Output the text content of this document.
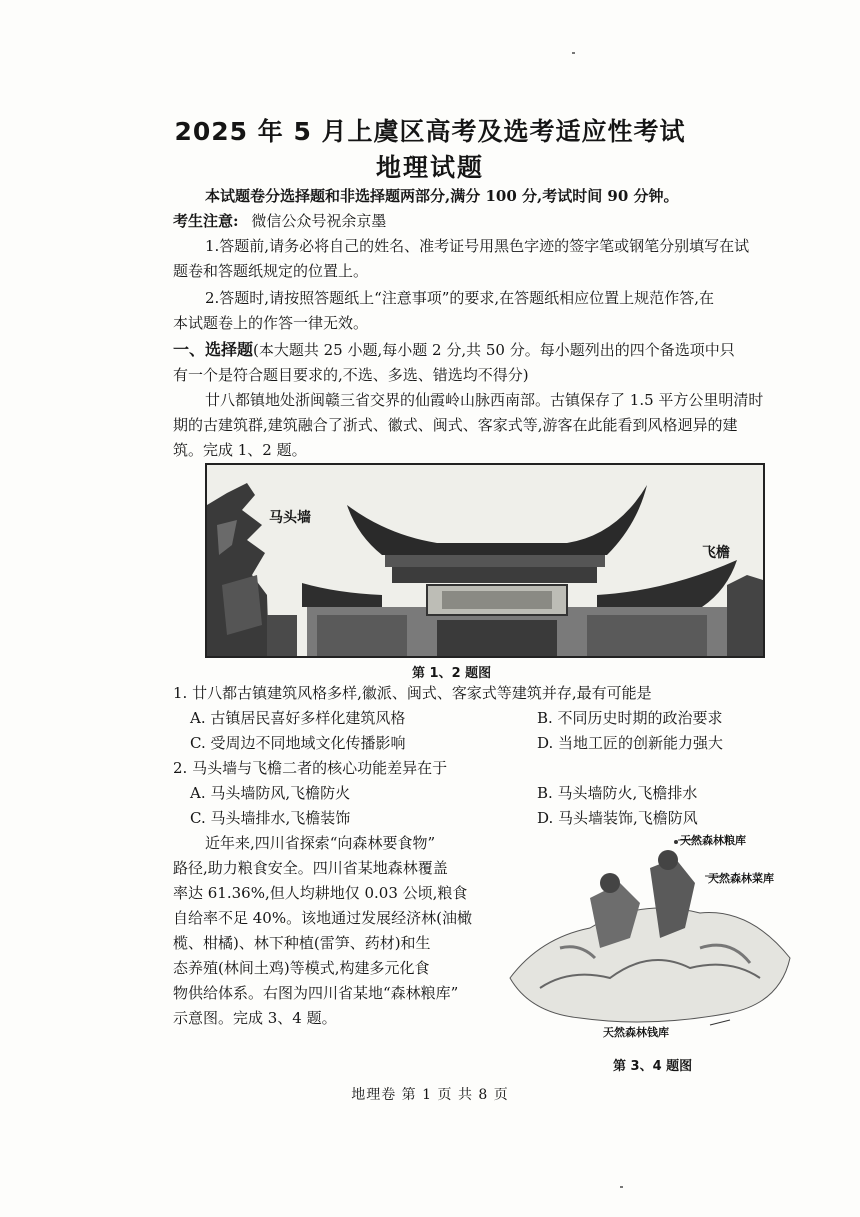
2025 年 5 月上虞区高考及选考适应性考试
地理试题
本试题卷分选择题和非选择题两部分,满分 100 分,考试时间 90 分钟。
考生注意: 微信公众号祝余京墨
1.答题前,请务必将自己的姓名、准考证号用黑色字迹的签字笔或钢笔分别填写在试
题卷和答题纸规定的位置上。
2.答题时,请按照答题纸上“注意事项”的要求,在答题纸相应位置上规范作答,在
本试题卷上的作答一律无效。
一、选择题(本大题共 25 小题,每小题 2 分,共 50 分。每小题列出的四个备选项中只
有一个是符合题目要求的,不选、多选、错选均不得分)
廿八都镇地处浙闽赣三省交界的仙霞岭山脉西南部。古镇保存了 1.5 平方公里明清时
期的古建筑群,建筑融合了浙式、徽式、闽式、客家式等,游客在此能看到风格迥异的建
筑。完成 1、2 题。
马头墙
飞檐
第 1、2 题图
1. 廿八都古镇建筑风格多样,徽派、闽式、客家式等建筑并存,最有可能是
A. 古镇居民喜好多样化建筑风格	B. 不同历史时期的政治要求
C. 受周边不同地域文化传播影响	D. 当地工匠的创新能力强大
2. 马头墙与飞檐二者的核心功能差异在于
A. 马头墙防风,飞檐防火	B. 马头墙防火,飞檐排水
C. 马头墙排水,飞檐装饰	D. 马头墙装饰,飞檐防风
近年来,四川省探索“向森林要食物”
路径,助力粮食安全。四川省某地森林覆盖
率达 61.36%,但人均耕地仅 0.03 公顷,粮食
自给率不足 40%。该地通过发展经济林(油橄
榄、柑橘)、林下种植(雷笋、药材)和生
态养殖(林间土鸡)等模式,构建多元化食
物供给体系。右图为四川省某地“森林粮库”
示意图。完成 3、4 题。
天然森林粮库
天然森林菜库
天然森林钱库
第 3、4 题图
地理卷 第 1 页 共 8 页
